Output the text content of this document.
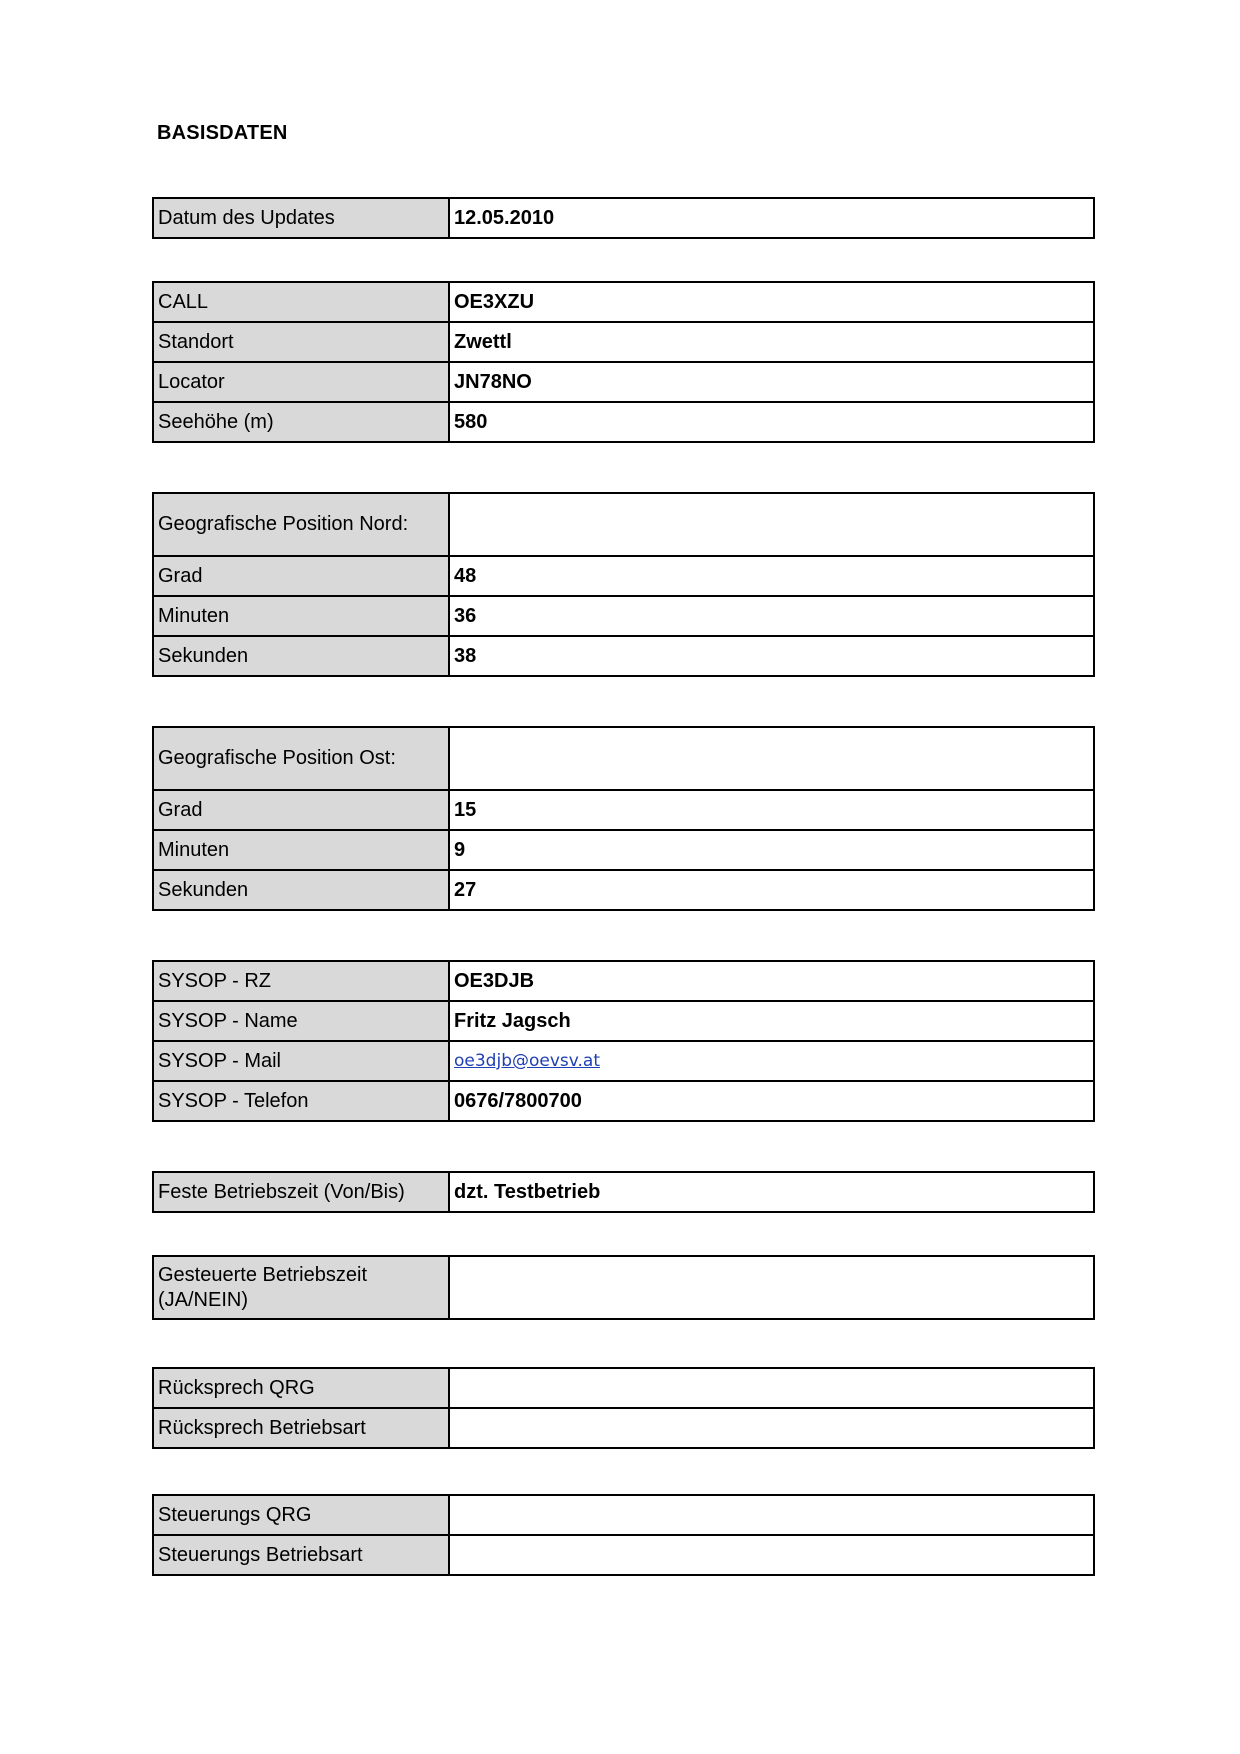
BASISDATEN
Datum des Updates	12.05.2010
CALL	OE3XZU
Standort	Zwettl
Locator	JN78NO
Seehöhe (m)	580
Geografische Position Nord:	
Grad	48
Minuten	36
Sekunden	38
Geografische Position Ost:	
Grad	15
Minuten	9
Sekunden	27
SYSOP - RZ	OE3DJB
SYSOP - Name	Fritz Jagsch
SYSOP - Mail	oe3djb@oevsv.at
SYSOP - Telefon	0676/7800700
Feste Betriebszeit (Von/Bis)	dzt. Testbetrieb
Gesteuerte Betriebszeit (JA/NEIN)	
Rücksprech QRG	
Rücksprech Betriebsart	
Steuerungs QRG	
Steuerungs Betriebsart	
